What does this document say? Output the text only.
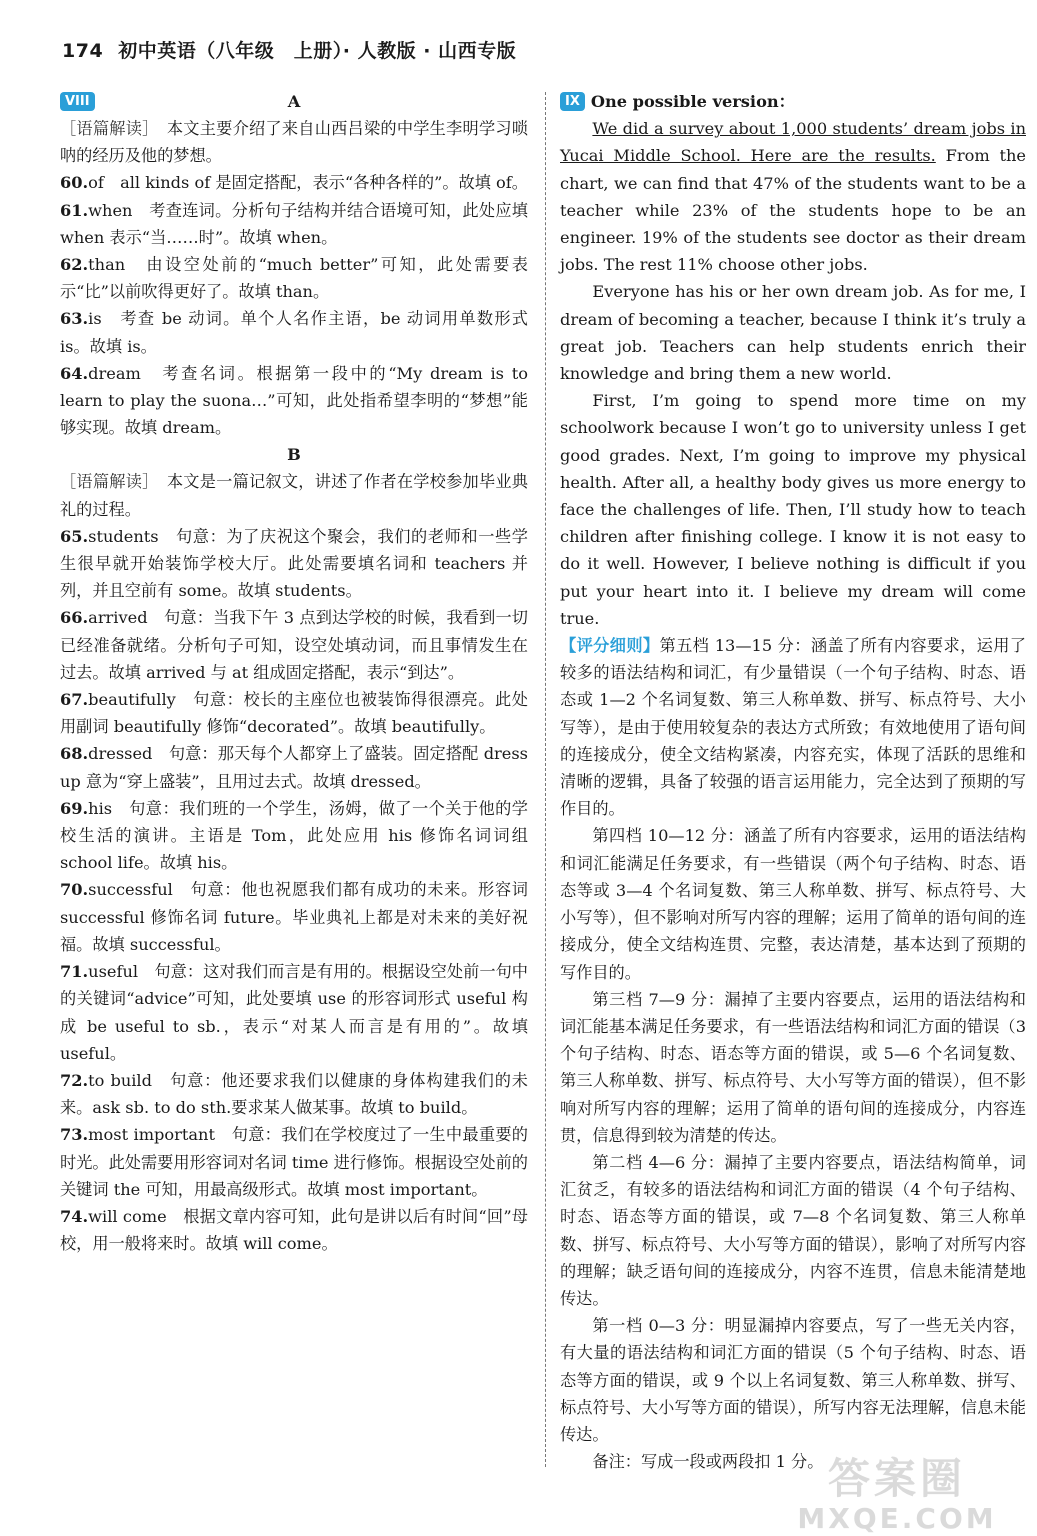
174 初中英语（八年级　上册）· 人教版 · 山西专版
VIII	A

［语篇解读］　本文主要介绍了来自山西吕梁的中学生李明学习唢呐的经历及他的梦想。

60.of　all kinds of 是固定搭配，表示“各种各样的”。故填 of。

61.when　考查连词。分析句子结构并结合语境可知，此处应填 when 表示“当……时”。故填 when。

62.than　由设空处前的“much better”可知，此处需要表示“比”以前吹得更好了。故填 than。

63.is　考查 be 动词。单个人名作主语，be 动词用单数形式 is。故填 is。

64.dream　考查名词。根据第一段中的“My dream is to learn to play the suona…”可知，此处指希望李明的“梦想”能够实现。故填 dream。

B

［语篇解读］　本文是一篇记叙文，讲述了作者在学校参加毕业典礼的过程。

65.students　句意：为了庆祝这个聚会，我们的老师和一些学生很早就开始装饰学校大厅。此处需要填名词和 teachers 并列，并且空前有 some。故填 students。

66.arrived　句意：当我下午 3 点到达学校的时候，我看到一切已经准备就绪。分析句子可知，设空处填动词，而且事情发生在过去。故填 arrived 与 at 组成固定搭配，表示“到达”。

67.beautifully　句意：校长的主座位也被装饰得很漂亮。此处用副词 beautifully 修饰“decorated”。故填 beautifully。

68.dressed　句意：那天每个人都穿上了盛装。固定搭配 dress up 意为“穿上盛装”，且用过去式。故填 dressed。

69.his　句意：我们班的一个学生，汤姆，做了一个关于他的学校生活的演讲。主语是 Tom，此处应用 his 修饰名词词组 school life。故填 his。

70.successful　句意：他也祝愿我们都有成功的未来。形容词 successful 修饰名词 future。毕业典礼上都是对未来的美好祝福。故填 successful。

71.useful　句意：这对我们而言是有用的。根据设空处前一句中的关键词“advice”可知，此处要填 use 的形容词形式 useful 构成 be useful to sb.，表示“对某人而言是有用的”。故填 useful。

72.to build　句意：他还要求我们以健康的身体构建我们的未来。ask sb. to do sth.要求某人做某事。故填 to build。

73.most important　句意：我们在学校度过了一生中最重要的时光。此处需要用形容词对名词 time 进行修饰。根据设空处前的关键词 the 可知，用最高级形式。故填 most important。

74.will come　根据文章内容可知，此句是讲以后有时间“回”母校，用一般将来时。故填 will come。

IX One possible version：

We did a survey about 1,000 students’ dream jobs in Yucai Middle School. Here are the results. From the chart, we can find that 47% of the students want to be a teacher while 23% of the students hope to be an engineer. 19% of the students see doctor as their dream jobs. The rest 11% choose other jobs.

Everyone has his or her own dream job. As for me, I dream of becoming a teacher, because I think it’s truly a great job. Teachers can help students enrich their knowledge and bring them a new world.

First, I’m going to spend more time on my schoolwork because I won’t go to university unless I get good grades. Next, I’m going to improve my physical health. After all, a healthy body gives us more energy to face the challenges of life. Then, I’ll study how to teach children after finishing college. I know it is not easy to do it well. However, I believe nothing is difficult if you put your heart into it. I believe my dream will come true.

【评分细则】第五档 13—15 分：涵盖了所有内容要求，运用了较多的语法结构和词汇，有少量错误（一个句子结构、时态、语态或 1—2 个名词复数、第三人称单数、拼写、标点符号、大小写等），是由于使用较复杂的表达方式所致；有效地使用了语句间的连接成分，使全文结构紧凑，内容充实，体现了活跃的思维和清晰的逻辑，具备了较强的语言运用能力，完全达到了预期的写作目的。

第四档 10—12 分：涵盖了所有内容要求，运用的语法结构和词汇能满足任务要求，有一些错误（两个句子结构、时态、语态等或 3—4 个名词复数、第三人称单数、拼写、标点符号、大小写等），但不影响对所写内容的理解；运用了简单的语句间的连接成分，使全文结构连贯、完整，表达清楚，基本达到了预期的写作目的。

第三档 7—9 分：漏掉了主要内容要点，运用的语法结构和词汇能基本满足任务要求，有一些语法结构和词汇方面的错误（3 个句子结构、时态、语态等方面的错误，或 5—6 个名词复数、第三人称单数、拼写、标点符号、大小写等方面的错误），但不影响对所写内容的理解；运用了简单的语句间的连接成分，内容连贯，信息得到较为清楚的传达。

第二档 4—6 分：漏掉了主要内容要点，语法结构简单，词汇贫乏，有较多的语法结构和词汇方面的错误（4 个句子结构、时态、语态等方面的错误，或 7—8 个名词复数、第三人称单数、拼写、标点符号、大小写等方面的错误），影响了对所写内容的理解；缺乏语句间的连接成分，内容不连贯，信息未能清楚地传达。

第一档 0—3 分：明显漏掉内容要点，写了一些无关内容，有大量的语法结构和词汇方面的错误（5 个句子结构、时态、语态等方面的错误，或 9 个以上名词复数、第三人称单数、拼写、标点符号、大小写等方面的错误），所写内容无法理解，信息未能传达。

备注：写成一段或两段扣 1 分。 答案圈
MXQE.COM
